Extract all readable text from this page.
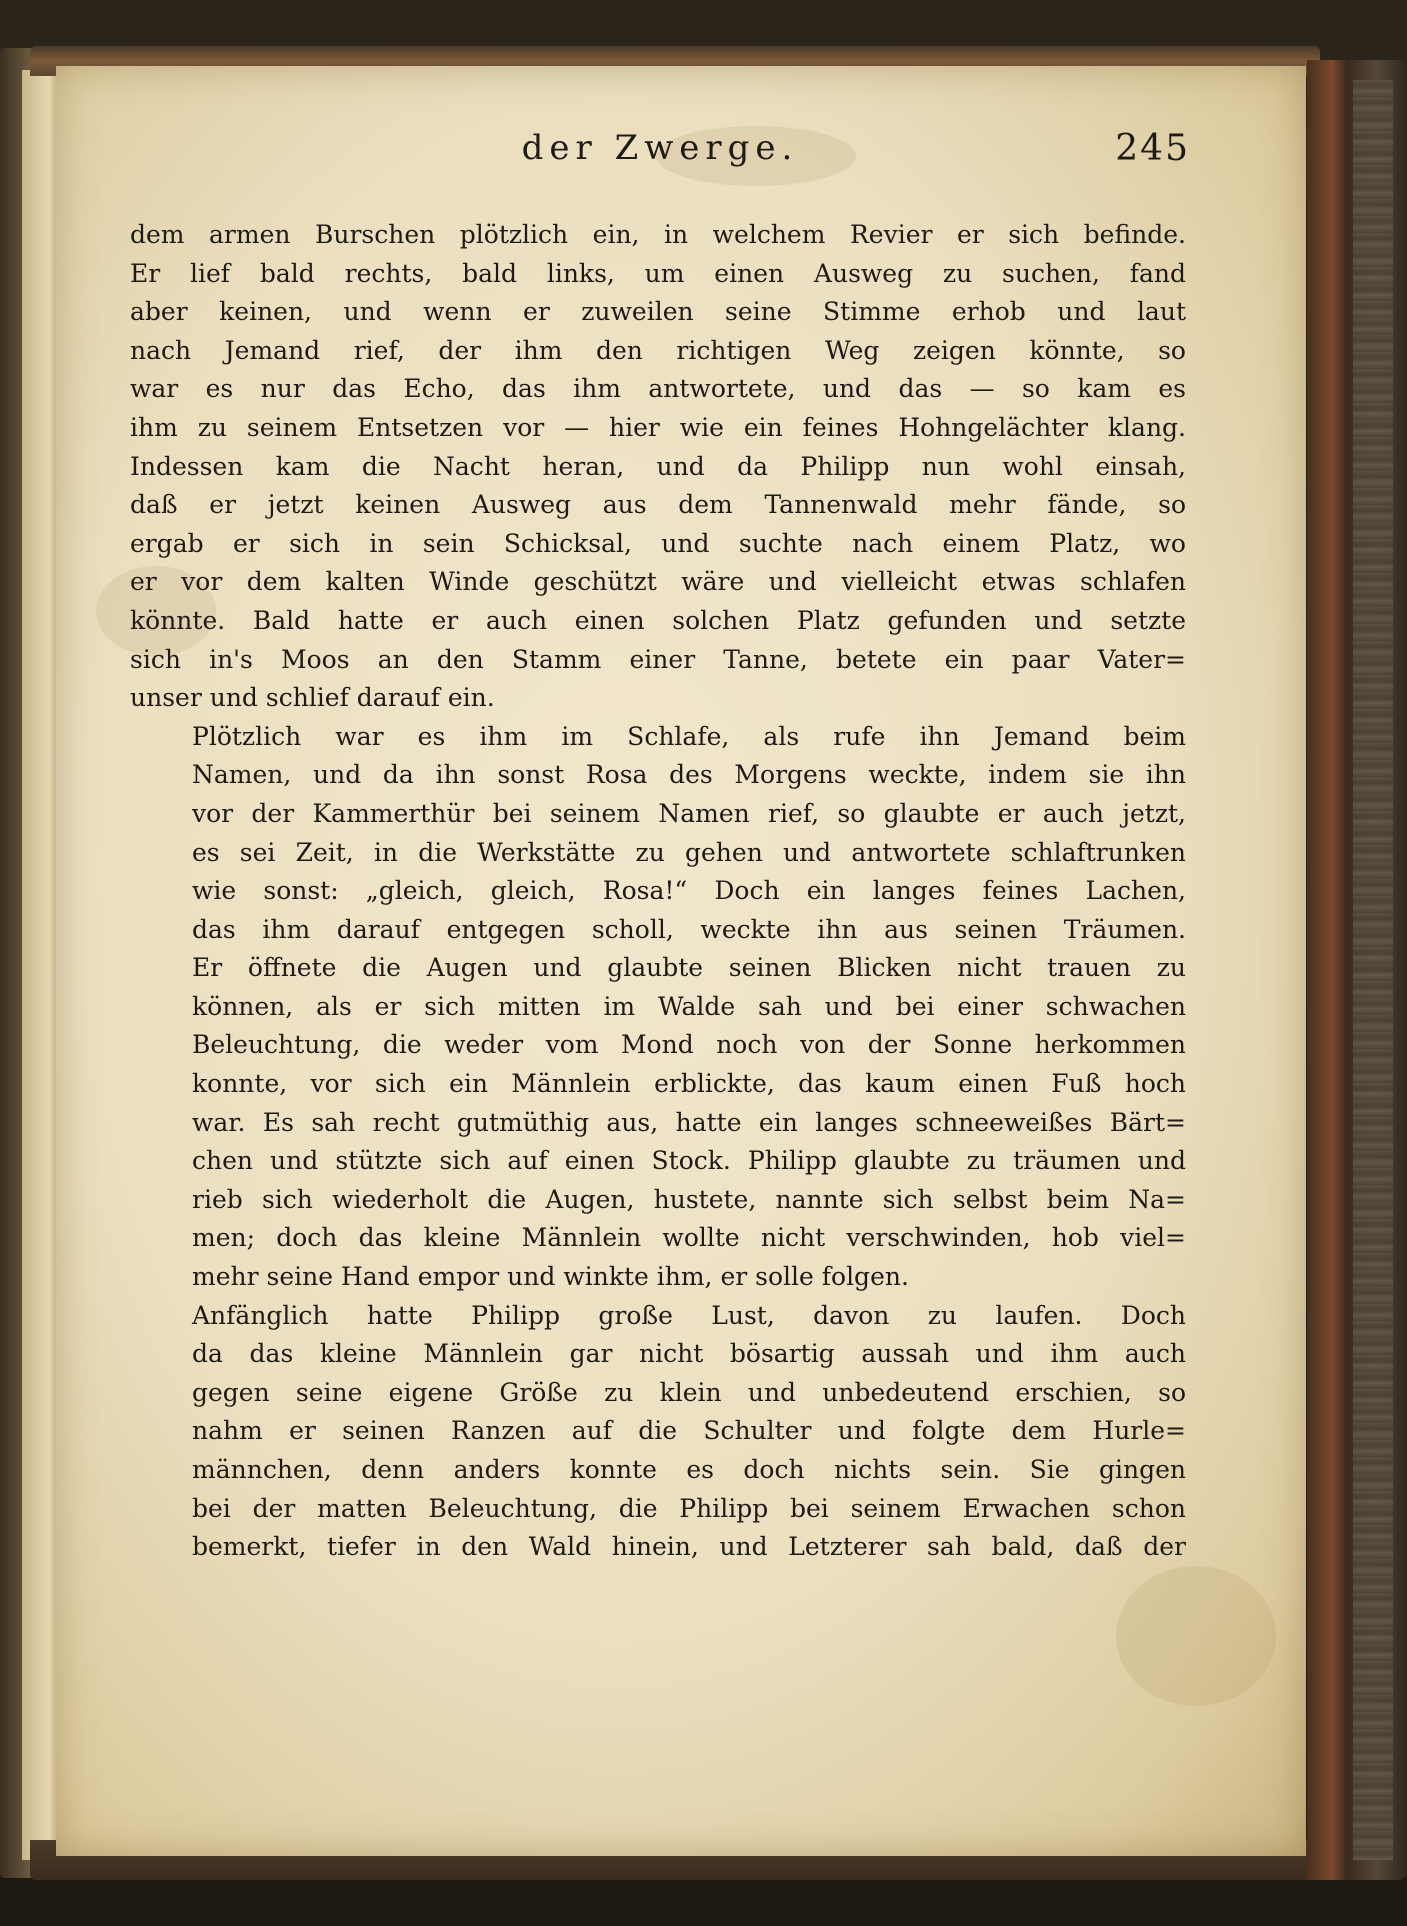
der Zwerge.	245
dem armen Burschen plötzlich ein, in welchem Revier er sich befinde.
Er lief bald rechts, bald links, um einen Ausweg zu suchen, fand
aber keinen, und wenn er zuweilen seine Stimme erhob und laut
nach Jemand rief, der ihm den richtigen Weg zeigen könnte, so
war es nur das Echo, das ihm antwortete, und das — so kam es
ihm zu seinem Entsetzen vor — hier wie ein feines Hohngelächter klang.
Indessen kam die Nacht heran, und da Philipp nun wohl einsah,
daß er jetzt keinen Ausweg aus dem Tannenwald mehr fände, so
ergab er sich in sein Schicksal, und suchte nach einem Platz, wo
er vor dem kalten Winde geschützt wäre und vielleicht etwas schlafen
könnte. Bald hatte er auch einen solchen Platz gefunden und setzte
sich in's Moos an den Stamm einer Tanne, betete ein paar Vater=
unser und schlief darauf ein.
Plötzlich war es ihm im Schlafe, als rufe ihn Jemand beim
Namen, und da ihn sonst Rosa des Morgens weckte, indem sie ihn
vor der Kammerthür bei seinem Namen rief, so glaubte er auch jetzt,
es sei Zeit, in die Werkstätte zu gehen und antwortete schlaftrunken
wie sonst: „gleich, gleich, Rosa!“ Doch ein langes feines Lachen,
das ihm darauf entgegen scholl, weckte ihn aus seinen Träumen.
Er öffnete die Augen und glaubte seinen Blicken nicht trauen zu
können, als er sich mitten im Walde sah und bei einer schwachen
Beleuchtung, die weder vom Mond noch von der Sonne herkommen
konnte, vor sich ein Männlein erblickte, das kaum einen Fuß hoch
war. Es sah recht gutmüthig aus, hatte ein langes schneeweißes Bärt=
chen und stützte sich auf einen Stock. Philipp glaubte zu träumen und
rieb sich wiederholt die Augen, hustete, nannte sich selbst beim Na=
men; doch das kleine Männlein wollte nicht verschwinden, hob viel=
mehr seine Hand empor und winkte ihm, er solle folgen.
Anfänglich hatte Philipp große Lust, davon zu laufen. Doch
da das kleine Männlein gar nicht bösartig aussah und ihm auch
gegen seine eigene Größe zu klein und unbedeutend erschien, so
nahm er seinen Ranzen auf die Schulter und folgte dem Hurle=
männchen, denn anders konnte es doch nichts sein. Sie gingen
bei der matten Beleuchtung, die Philipp bei seinem Erwachen schon
bemerkt, tiefer in den Wald hinein, und Letzterer sah bald, daß der
